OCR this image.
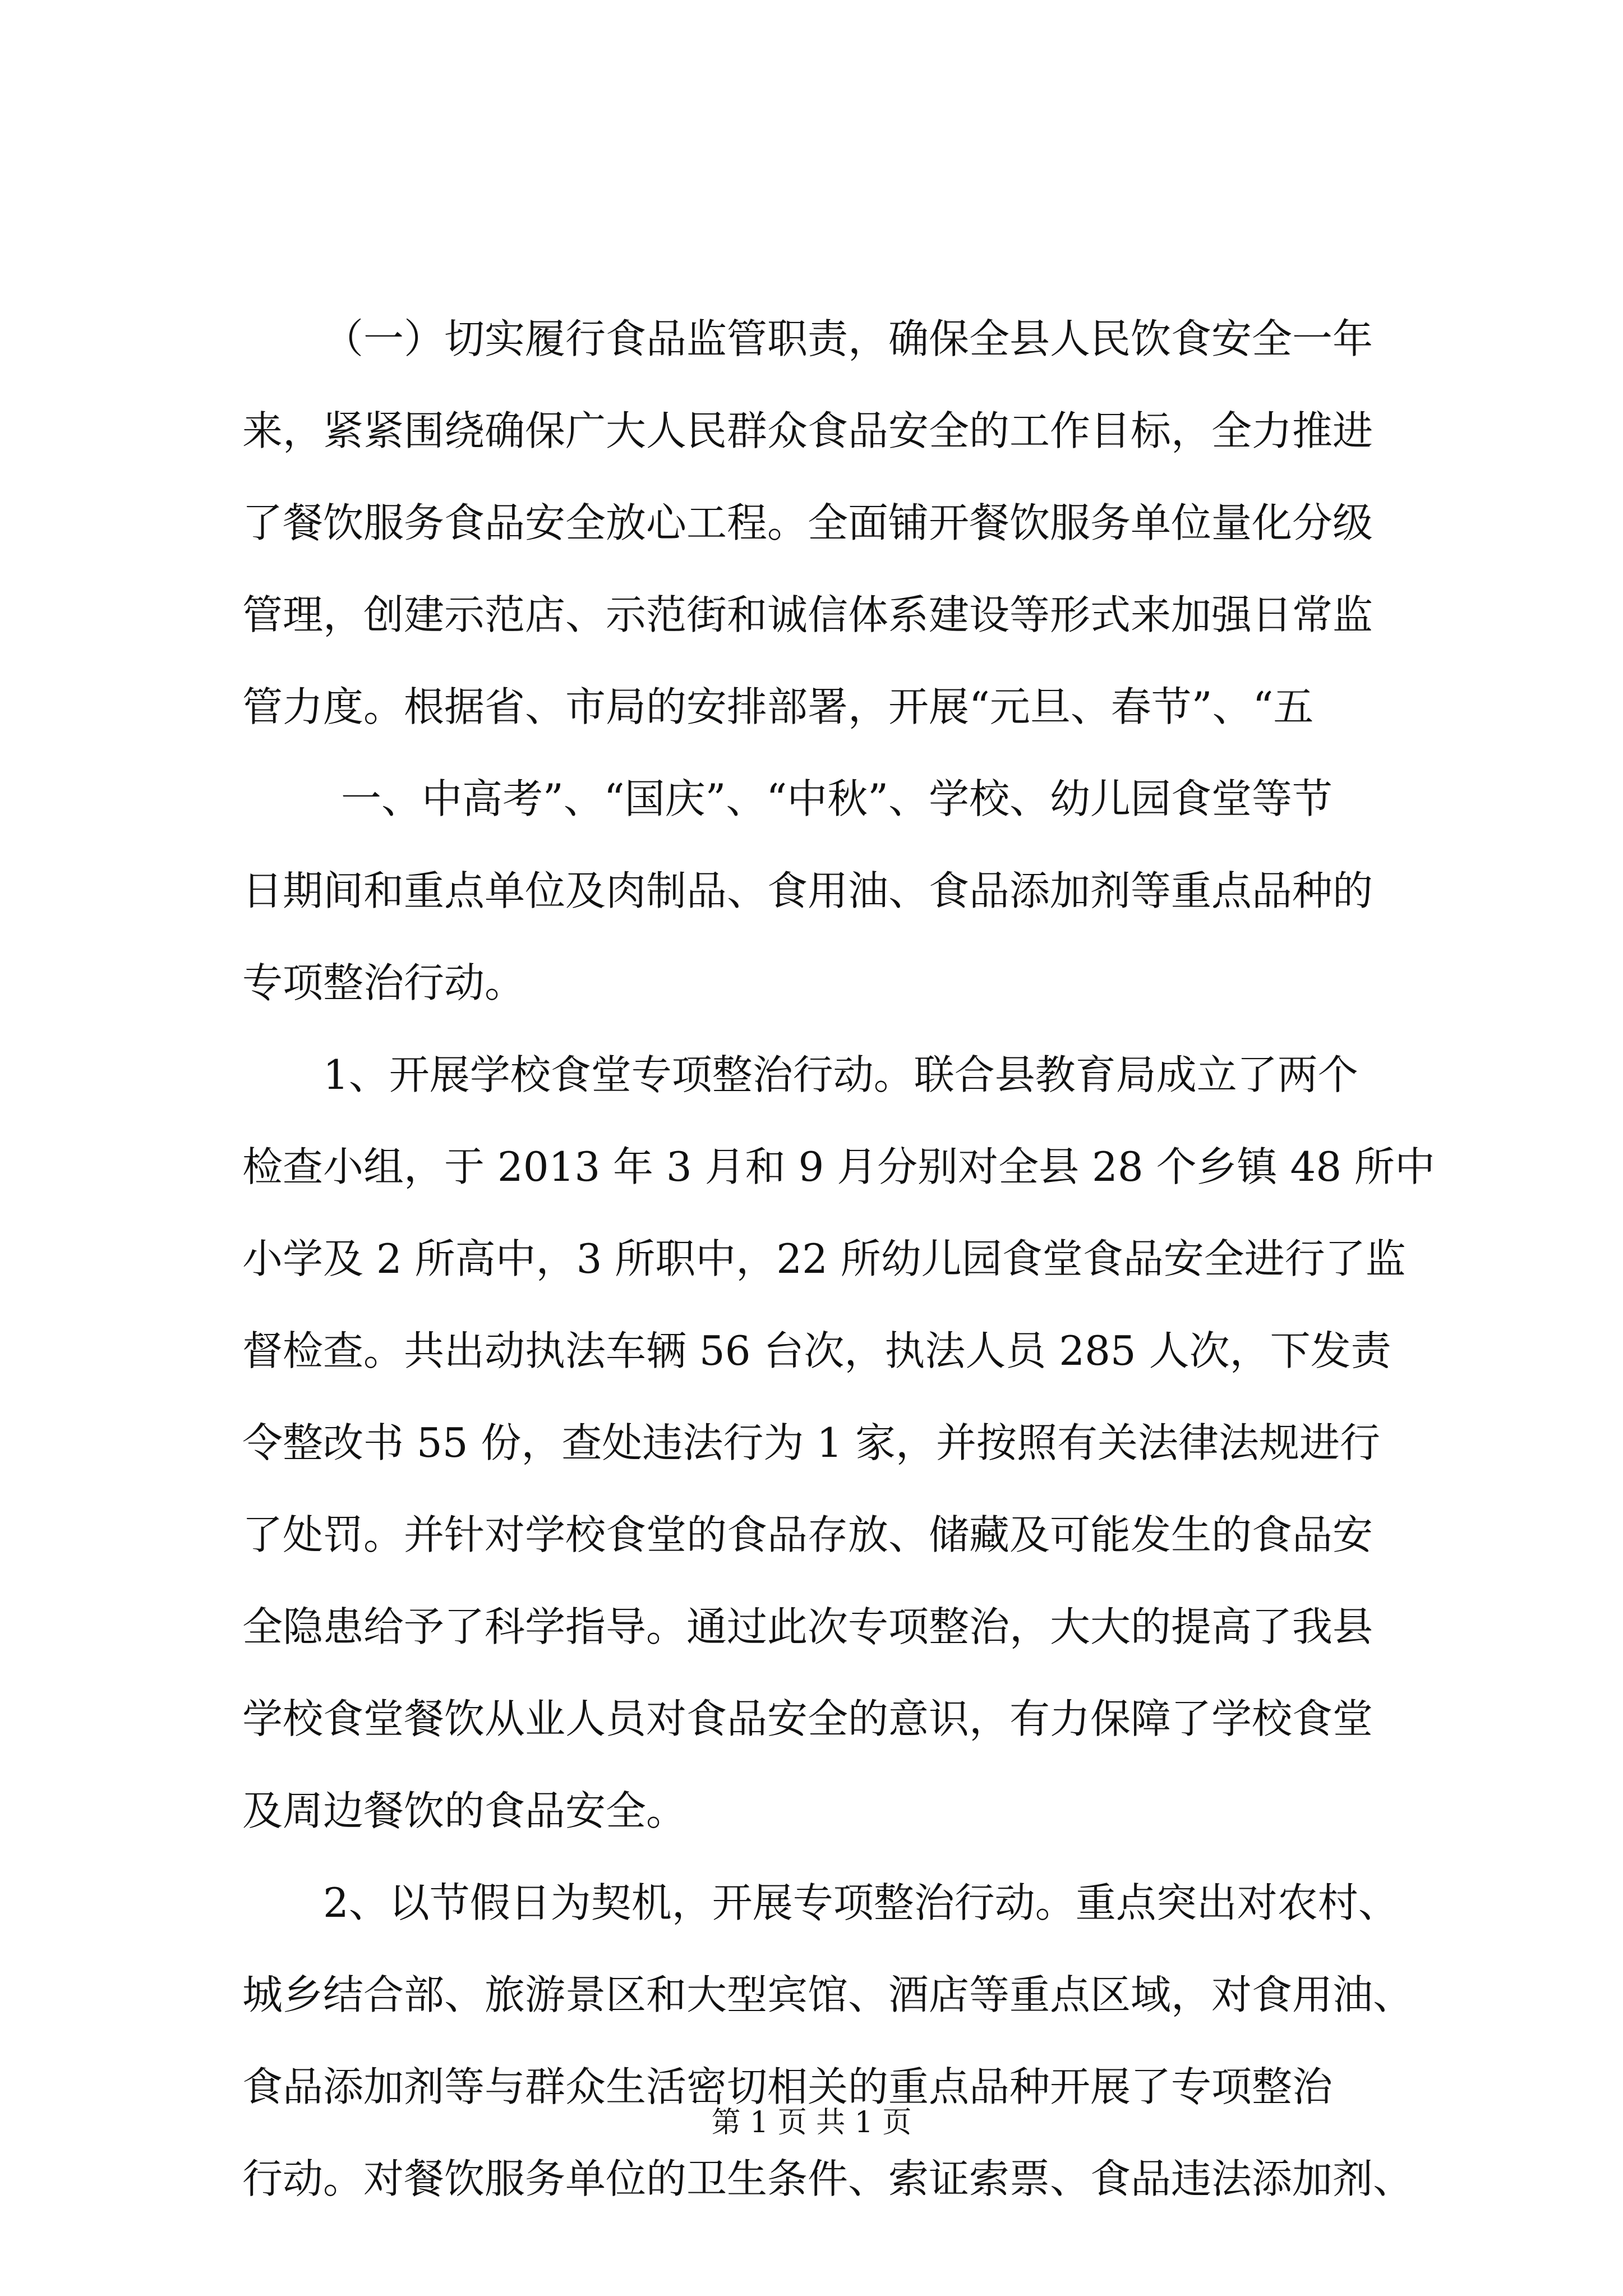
（一）切实履行食品监管职责，确保全县人民饮食安全一年
来，紧紧围绕确保广大人民群众食品安全的工作目标，全力推进
了餐饮服务食品安全放心工程。全面铺开餐饮服务单位量化分级
管理，创建示范店、示范街和诚信体系建设等形式来加强日常监
管力度。根据省、市局的安排部署，开展“元旦、春节”、“五
一、中高考”、“国庆”、“中秋”、学校、幼儿园食堂等节
日期间和重点单位及肉制品、食用油、食品添加剂等重点品种的
专项整治行动。
1、开展学校食堂专项整治行动。联合县教育局成立了两个
检查小组，于 2013 年 3 月和 9 月分别对全县 28 个乡镇 48 所中
小学及 2 所高中，3 所职中，22 所幼儿园食堂食品安全进行了监
督检查。共出动执法车辆 56 台次，执法人员 285 人次，下发责
令整改书 55 份，查处违法行为 1 家，并按照有关法律法规进行
了处罚。并针对学校食堂的食品存放、储藏及可能发生的食品安
全隐患给予了科学指导。通过此次专项整治，大大的提高了我县
学校食堂餐饮从业人员对食品安全的意识，有力保障了学校食堂
及周边餐饮的食品安全。
2、以节假日为契机，开展专项整治行动。重点突出对农村、
城乡结合部、旅游景区和大型宾馆、酒店等重点区域，对食用油、
食品添加剂等与群众生活密切相关的重点品种开展了专项整治
行动。对餐饮服务单位的卫生条件、索证索票、食品违法添加剂、
第 1 页 共 1 页
